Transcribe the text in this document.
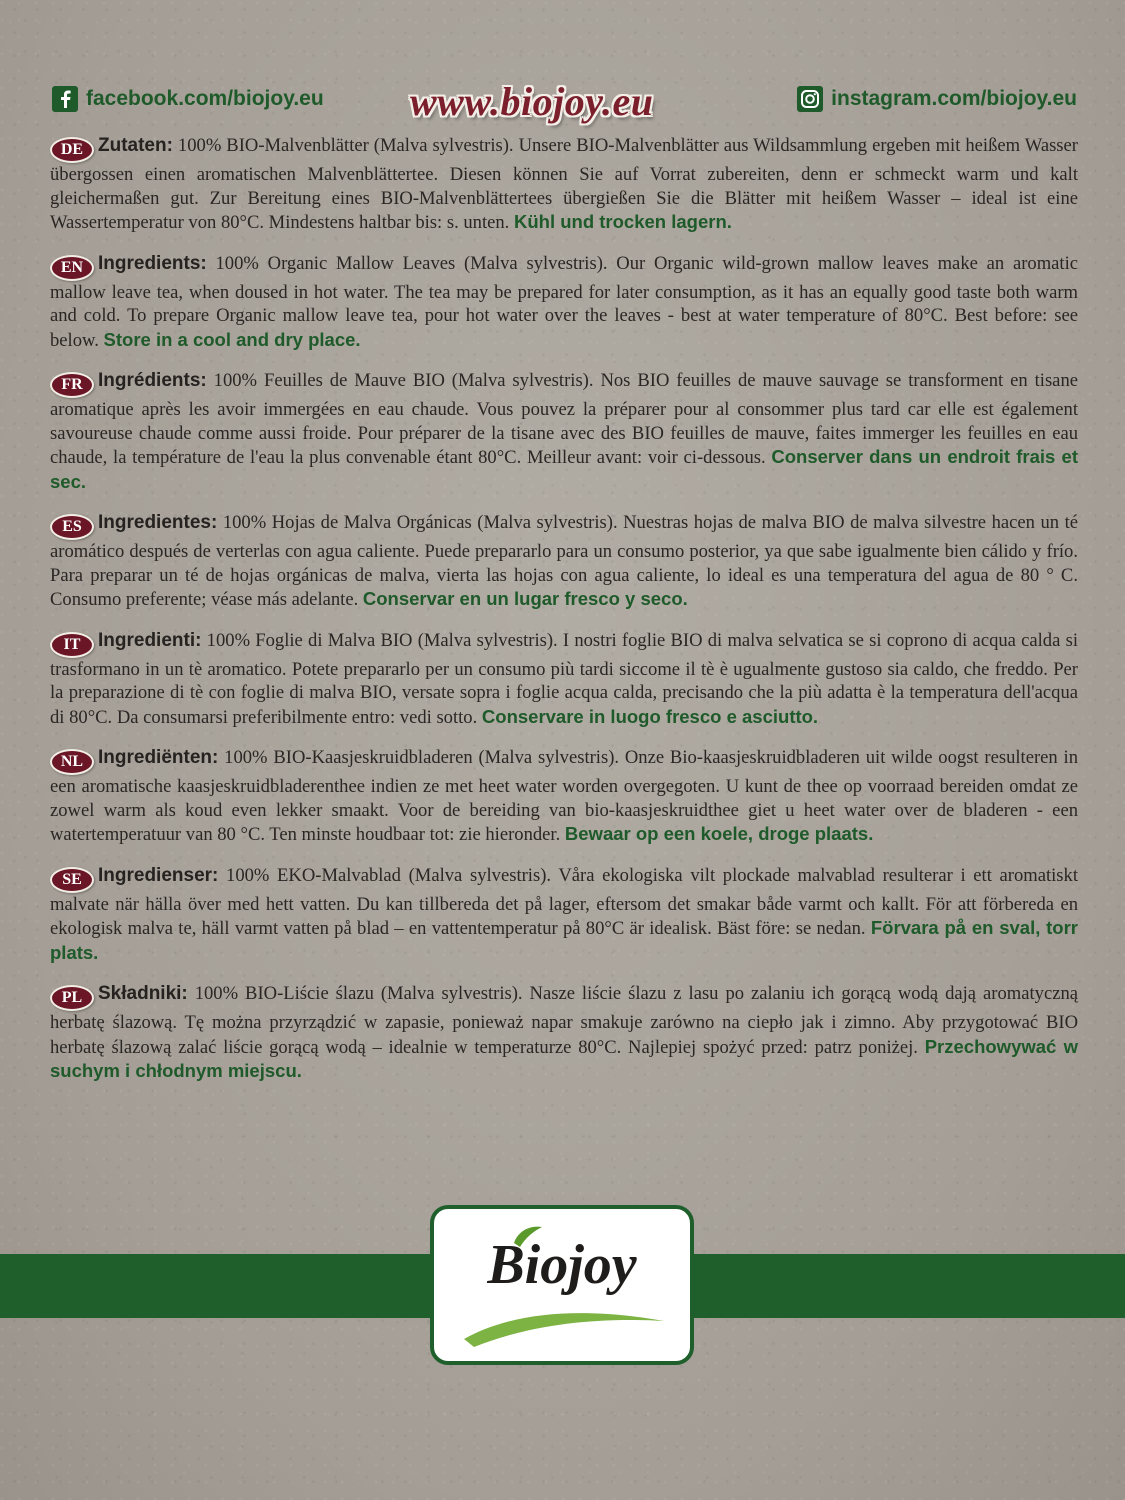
facebook.com/biojoy.eu www.biojoy.eu	instagram.com/biojoy.eu

DE Zutaten: 100% BIO-Malvenblätter (Malva sylvestris). Unsere BIO-Malvenblätter aus Wildsammlung ergeben mit heißem Wasser übergossen einen aromatischen Malvenblättertee. Diesen können Sie auf Vorrat zubereiten, denn er schmeckt warm und kalt gleichermaßen gut. Zur Bereitung eines BIO-Malvenblättertees übergießen Sie die Blätter mit heißem Wasser – ideal ist eine Wassertemperatur von 80°C. Mindestens haltbar bis: s. unten. Kühl und trocken lagern.

EN Ingredients: 100% Organic Mallow Leaves (Malva sylvestris). Our Organic wild-grown mallow leaves make an aromatic mallow leave tea, when doused in hot water. The tea may be prepared for later consumption, as it has an equally good taste both warm and cold. To prepare Organic mallow leave tea, pour hot water over the leaves - best at water temperature of 80°C. Best before: see below. Store in a cool and dry place.

FR Ingrédients: 100% Feuilles de Mauve BIO (Malva sylvestris). Nos BIO feuilles de mauve sauvage se transforment en tisane aromatique après les avoir immergées en eau chaude. Vous pouvez la préparer pour al consommer plus tard car elle est également savoureuse chaude comme aussi froide. Pour préparer de la tisane avec des BIO feuilles de mauve, faites immerger les feuilles en eau chaude, la température de l'eau la plus convenable étant 80°C. Meilleur avant: voir ci-dessous. Conserver dans un endroit frais et sec.

ES Ingredientes: 100% Hojas de Malva Orgánicas (Malva sylvestris). Nuestras hojas de malva BIO de malva silvestre hacen un té aromático después de verterlas con agua caliente. Puede prepararlo para un consumo posterior, ya que sabe igualmente bien cálido y frío. Para preparar un té de hojas orgánicas de malva, vierta las hojas con agua caliente, lo ideal es una temperatura del agua de 80 ° C. Consumo preferente; véase más adelante. Conservar en un lugar fresco y seco.

IT Ingredienti: 100% Foglie di Malva BIO (Malva sylvestris). I nostri foglie BIO di malva selvatica se si coprono di acqua calda si trasformano in un tè aromatico. Potete prepararlo per un consumo più tardi siccome il tè è ugualmente gustoso sia caldo, che freddo. Per la preparazione di tè con foglie di malva BIO, versate sopra i foglie acqua calda, precisando che la più adatta è la temperatura dell'acqua di 80°C. Da consumarsi preferibilmente entro: vedi sotto. Conservare in luogo fresco e asciutto.

NL Ingrediënten: 100% BIO-Kaasjeskruidbladeren (Malva sylvestris). Onze Bio-kaasjeskruidbladeren uit wilde oogst resulteren in een aromatische kaasjeskruidbladerenthee indien ze met heet water worden overgegoten. U kunt de thee op voorraad bereiden omdat ze zowel warm als koud even lekker smaakt. Voor de bereiding van bio-kaasjeskruidthee giet u heet water over de bladeren - een watertemperatuur van 80 °C. Ten minste houdbaar tot: zie hieronder. Bewaar op een koele, droge plaats.

SE Ingredienser: 100% EKO-Malvablad (Malva sylvestris). Våra ekologiska vilt plockade malvablad resulterar i ett aromatiskt malvate när hälla över med hett vatten. Du kan tillbereda det på lager, eftersom det smakar både varmt och kallt. För att förbereda en ekologisk malva te, häll varmt vatten på blad – en vattentemperatur på 80°C är idealisk. Bäst före: se nedan. Förvara på en sval, torr plats.

PL Składniki: 100% BIO-Liście ślazu (Malva sylvestris). Nasze liście ślazu z lasu po zalaniu ich gorącą wodą dają aromatyczną herbatę ślazową. Tę można przyrządzić w zapasie, ponieważ napar smakuje zarówno na ciepło jak i zimno. Aby przygotować BIO herbatę ślazową zalać liście gorącą wodą – idealnie w temperaturze 80°C. Najlepiej spożyć przed: patrz poniżej. Przechowywać w suchym i chłodnym miejscu.

Biojoy
